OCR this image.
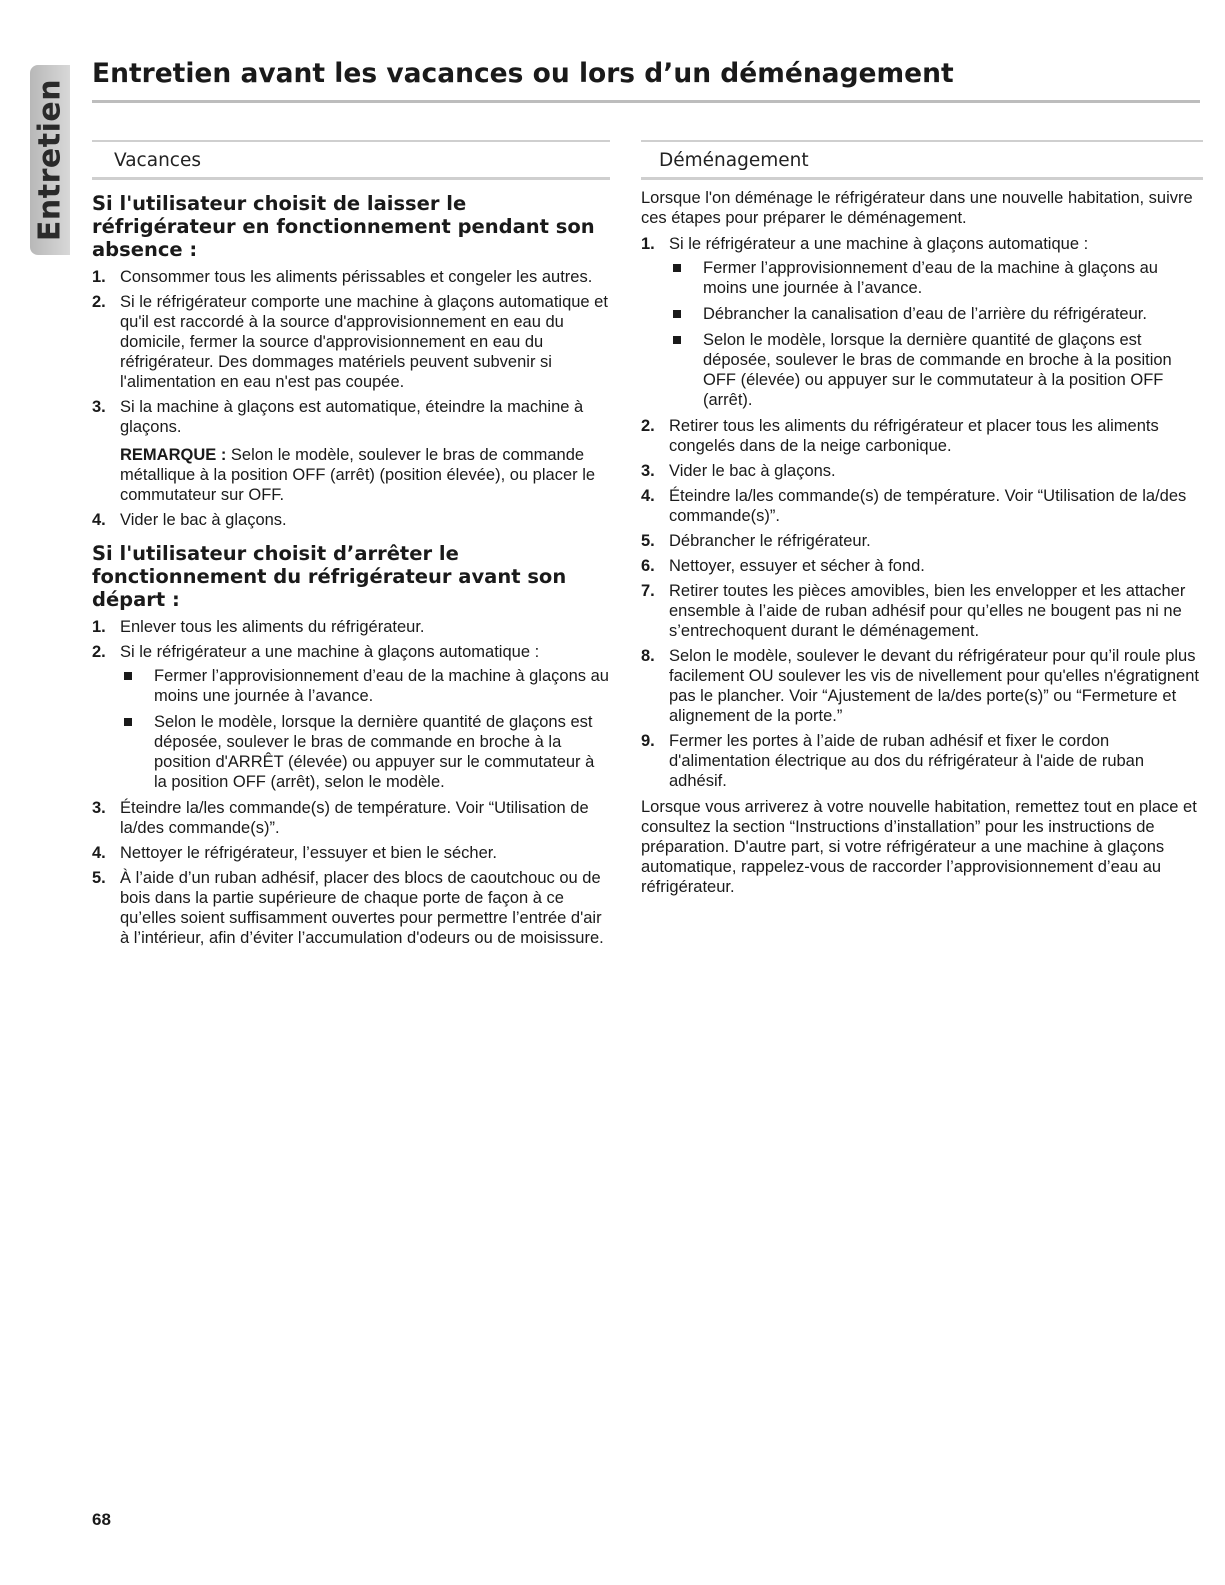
Entretien
Entretien avant les vacances ou lors d’un déménagement
Vacances
Si l'utilisateur choisit de laisser le réfrigérateur en fonctionnement pendant son absence :
1. Consommer tous les aliments périssables et congeler les autres.
2. Si le réfrigérateur comporte une machine à glaçons automatique et qu'il est raccordé à la source d'approvisionnement en eau du domicile, fermer la source d'approvisionnement en eau du réfrigérateur. Des dommages matériels peuvent subvenir si l'alimentation en eau n'est pas coupée.
3. Si la machine à glaçons est automatique, éteindre la machine à glaçons.
REMARQUE : Selon le modèle, soulever le bras de commande métallique à la position OFF (arrêt) (position élevée), ou placer le commutateur sur OFF.
4. Vider le bac à glaçons.
Si l'utilisateur choisit d’arrêter le fonctionnement du réfrigérateur avant son départ :
1. Enlever tous les aliments du réfrigérateur.
2. Si le réfrigérateur a une machine à glaçons automatique :
Fermer l’approvisionnement d’eau de la machine à glaçons au moins une journée à l’avance.
Selon le modèle, lorsque la dernière quantité de glaçons est déposée, soulever le bras de commande en broche à la position d'ARRÊT (élevée) ou appuyer sur le commutateur à la position OFF (arrêt), selon le modèle.
3. Éteindre la/les commande(s) de température. Voir “Utilisation de la/des commande(s)”.
4. Nettoyer le réfrigérateur, l’essuyer et bien le sécher.
5. À l’aide d’un ruban adhésif, placer des blocs de caoutchouc ou de bois dans la partie supérieure de chaque porte de façon à ce qu’elles soient suffisamment ouvertes pour permettre l’entrée d'air à l’intérieur, afin d’éviter l’accumulation d'odeurs ou de moisissure.
Déménagement

Lorsque l'on déménage le réfrigérateur dans une nouvelle habitation, suivre ces étapes pour préparer le déménagement.

1. Si le réfrigérateur a une machine à glaçons automatique :
Fermer l’approvisionnement d’eau de la machine à glaçons au moins une journée à l’avance.
Débrancher la canalisation d’eau de l’arrière du réfrigérateur.
Selon le modèle, lorsque la dernière quantité de glaçons est déposée, soulever le bras de commande en broche à la position OFF (élevée) ou appuyer sur le commutateur à la position OFF (arrêt).
2. Retirer tous les aliments du réfrigérateur et placer tous les aliments congelés dans de la neige carbonique.
3. Vider le bac à glaçons.
4. Éteindre la/les commande(s) de température. Voir “Utilisation de la/des commande(s)”.
5. Débrancher le réfrigérateur.
6. Nettoyer, essuyer et sécher à fond.
7. Retirer toutes les pièces amovibles, bien les envelopper et les attacher ensemble à l’aide de ruban adhésif pour qu’elles ne bougent pas ni ne s’entrechoquent durant le déménagement.
8. Selon le modèle, soulever le devant du réfrigérateur pour qu’il roule plus facilement OU soulever les vis de nivellement pour qu'elles n'égratignent pas le plancher. Voir “Ajustement de la/des porte(s)” ou “Fermeture et alignement de la porte.”
9. Fermer les portes à l’aide de ruban adhésif et fixer le cordon d'alimentation électrique au dos du réfrigérateur à l'aide de ruban adhésif.

Lorsque vous arriverez à votre nouvelle habitation, remettez tout en place et consultez la section “Instructions d’installation” pour les instructions de préparation. D'autre part, si votre réfrigérateur a une machine à glaçons automatique, rappelez-vous de raccorder l’approvisionnement d’eau au réfrigérateur.

68
